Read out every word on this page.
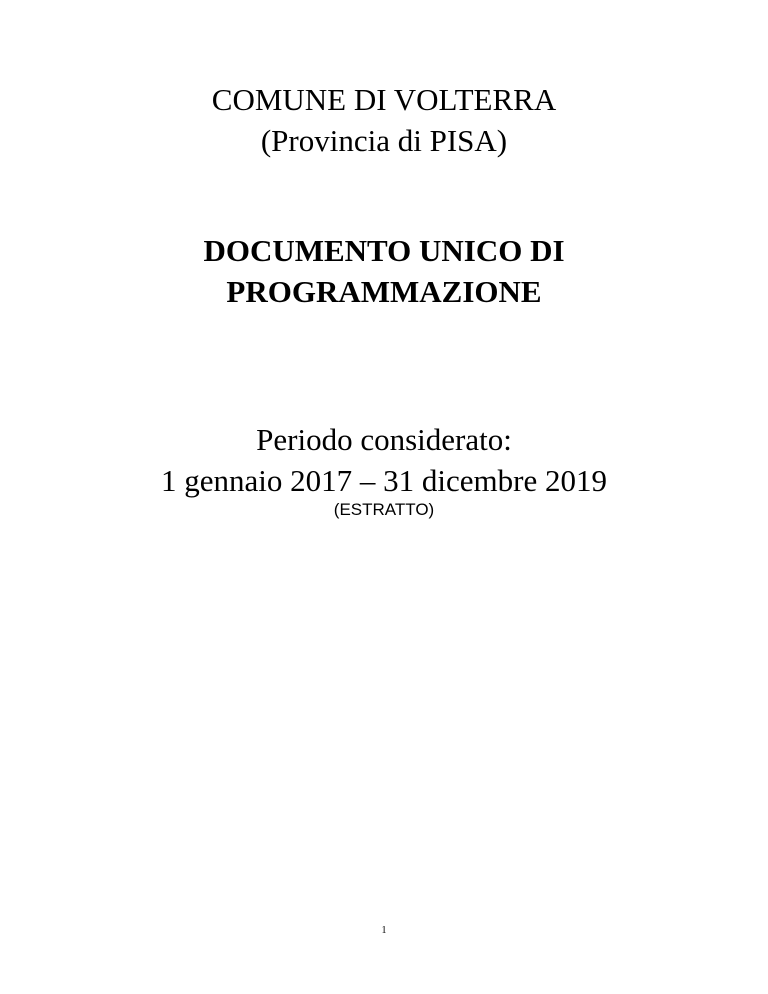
COMUNE DI VOLTERRA
(Provincia di PISA)
DOCUMENTO UNICO DI
PROGRAMMAZIONE
Periodo considerato:
1 gennaio 2017 – 31 dicembre 2019
(ESTRATTO)
1
